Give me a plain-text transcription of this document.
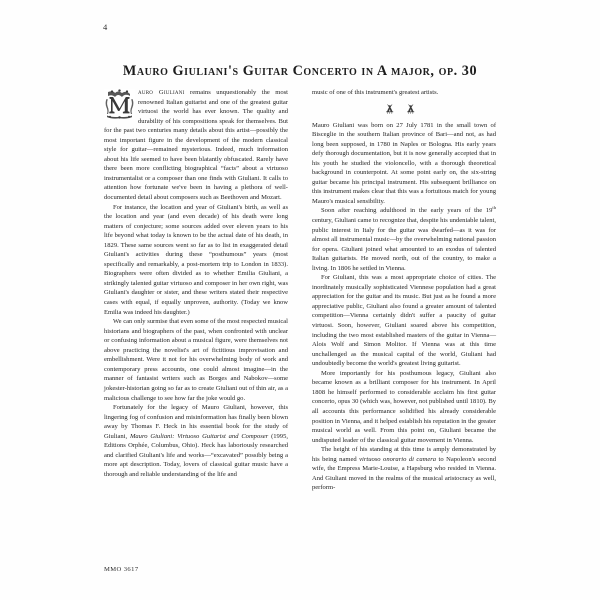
4
Mauro Giuliani's Guitar Concerto in A major, op. 30

auro Giuliani remains unquestionably the most renowned Italian guitarist and one of the greatest guitar virtuosi the world has ever known. The quality and durability of his compositions speak for themselves. But for the past two centuries many details about this artist—possibly the most important figure in the development of the modern classical style for guitar—remained mysterious. Indeed, much information about his life seemed to have been blatantly obfuscated. Rarely have there been more conflicting biographical “facts” about a virtuoso instrumentalist or a composer than one finds with Giuliani. It calls to attention how fortunate we've been in having a plethora of well-documented detail about composers such as Beethoven and Mozart.

For instance, the location and year of Giuliani's birth, as well as the location and year (and even decade) of his death were long matters of conjecture; some sources added over eleven years to his life beyond what today is known to be the actual date of his death, in 1829. These same sources went so far as to list in exaggerated detail Giuliani's activities during these “posthumous” years (most specifically and remarkably, a post-mortem trip to London in 1833). Biographers were often divided as to whether Emilia Giuliani, a strikingly talented guitar virtuoso and composer in her own right, was Giuliani's daughter or sister, and these writers stated their respective cases with equal, if equally unproven, authority. (Today we know Emilia was indeed his daughter.)

We can only surmise that even some of the most respected musical historians and biographers of the past, when confronted with unclear or confusing information about a musical figure, were themselves not above practicing the novelist's art of fictitious improvisation and embellishment. Were it not for his overwhelming body of work and contemporary press accounts, one could almost imagine—in the manner of fantasist writers such as Borges and Nabokov—some jokester-historian going so far as to create Giuliani out of thin air, as a malicious challenge to see how far the joke would go.

Fortunately for the legacy of Mauro Giuliani, however, this lingering fog of confusion and misinformation has finally been blown away by Thomas F. Heck in his essential book for the study of Giuliani, Mauro Giuliani: Virtuoso Guitarist and Composer (1995, Editions Orphée, Columbus, Ohio). Heck has laboriously researched and clarified Giuliani's life and works—“excavated” possibly being a more apt description. Today, lovers of classical guitar music have a thorough and reliable understanding of the life and

music of one of this instrument's greatest artists.

Mauro Giuliani was born on 27 July 1781 in the small town of Bisceglie in the southern Italian province of Bari—and not, as had long been supposed, in 1780 in Naples or Bologna. His early years defy thorough documentation, but it is now generally accepted that in his youth he studied the violoncello, with a thorough theoretical background in counterpoint. At some point early on, the six-string guitar became his principal instrument. His subsequent brilliance on this instrument makes clear that this was a fortuitous match for young Mauro's musical sensibility.

Soon after reaching adulthood in the early years of the 19th century, Giuliani came to recognize that, despite his undeniable talent, public interest in Italy for the guitar was dwarfed—as it was for almost all instrumental music—by the overwhelming national passion for opera. Giuliani joined what amounted to an exodus of talented Italian guitarists. He moved north, out of the country, to make a living. In 1806 he settled in Vienna.

For Giuliani, this was a most appropriate choice of cities. The inordinately musically sophisticated Viennese population had a great appreciation for the guitar and its music. But just as he found a more appreciative public, Giuliani also found a greater amount of talented competition—Vienna certainly didn't suffer a paucity of guitar virtuosi. Soon, however, Giuliani soared above his competition, including the two most established masters of the guitar in Vienna—Alois Wolf and Simon Molitor. If Vienna was at this time unchallenged as the musical capital of the world, Giuliani had undoubtedly become the world's greatest living guitarist.

More importantly for his posthumous legacy, Giuliani also became known as a brilliant composer for his instrument. In April 1808 he himself performed to considerable acclaim his first guitar concerto, opus 30 (which was, however, not published until 1810). By all accounts this performance solidified his already considerable position in Vienna, and it helped establish his reputation in the greater musical world as well. From this point on, Giuliani became the undisputed leader of the classical guitar movement in Vienna.

The height of his standing at this time is amply demonstrated by his being named virtuoso onorario di camera to Napoleon's second wife, the Empress Marie-Louise, a Hapsburg who resided in Vienna. And Giuliani moved in the realms of the musical aristocracy as well, perform-

MMO 3617
